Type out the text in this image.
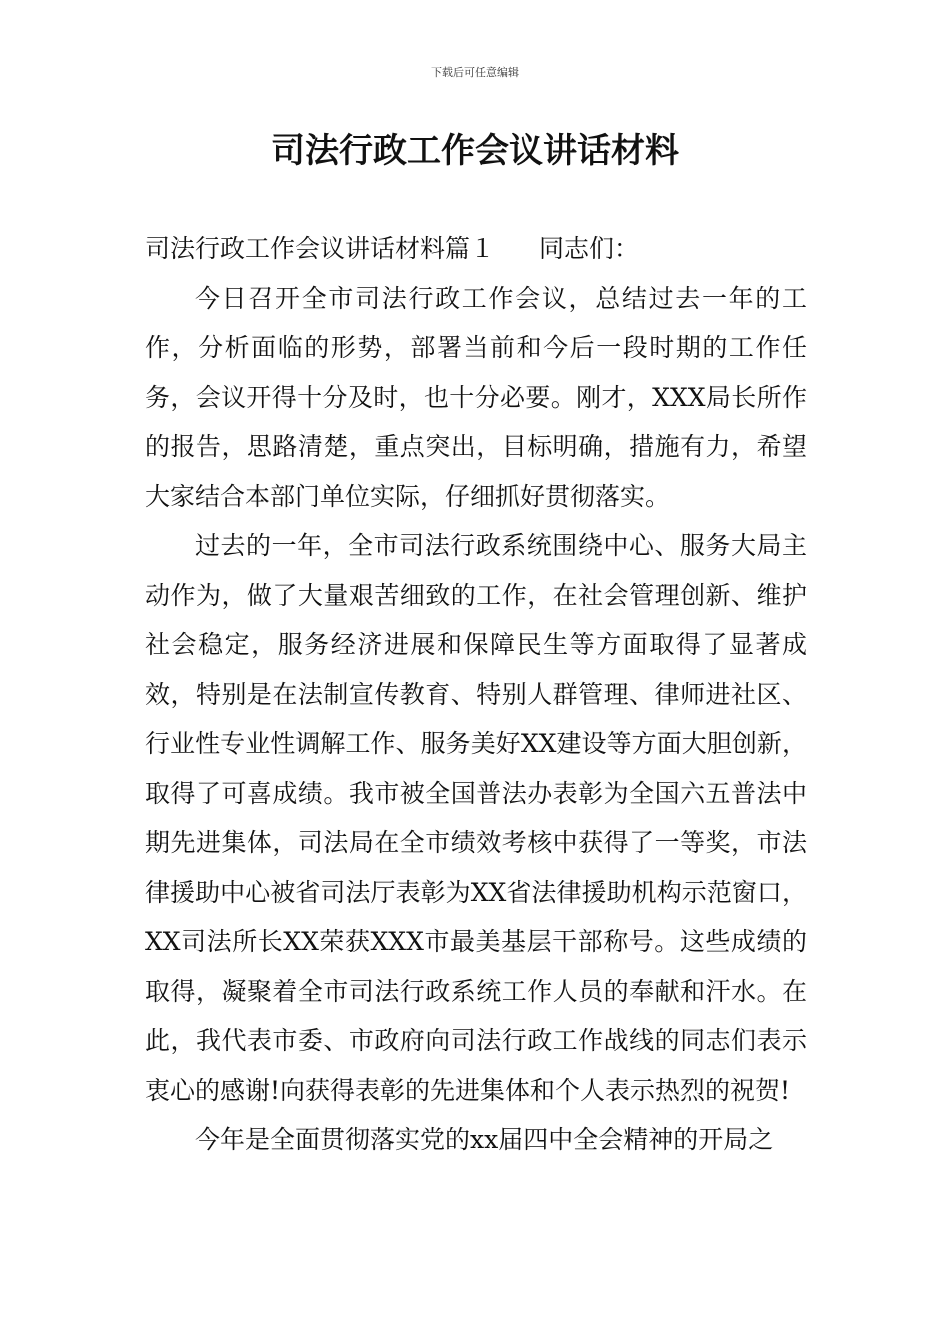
下载后可任意编辑
司法行政工作会议讲话材料

司法行政工作会议讲话材料篇１ 同志们：

今日召开全市司法行政工作会议，总结过去一年的工作，分析面临的形势，部署当前和今后一段时期的工作任务，会议开得十分及时，也十分必要。刚才，XXX局长所作的报告，思路清楚，重点突出，目标明确，措施有力，希望大家结合本部门单位实际，仔细抓好贯彻落实。

过去的一年，全市司法行政系统围绕中心、服务大局主动作为，做了大量艰苦细致的工作，在社会管理创新、维护社会稳定，服务经济进展和保障民生等方面取得了显著成效，特别是在法制宣传教育、特别人群管理、律师进社区、行业性专业性调解工作、服务美好XX建设等方面大胆创新，取得了可喜成绩。我市被全国普法办表彰为全国六五普法中期先进集体，司法局在全市绩效考核中获得了一等奖，市法律援助中心被省司法厅表彰为XX省法律援助机构示范窗口，XX司法所长XX荣获XXX市最美基层干部称号。这些成绩的取得，凝聚着全市司法行政系统工作人员的奉献和汗水。在此，我代表市委、市政府向司法行政工作战线的同志们表示衷心的感谢!向获得表彰的先进集体和个人表示热烈的祝贺!

今年是全面贯彻落实党的xx届四中全会精神的开局之
